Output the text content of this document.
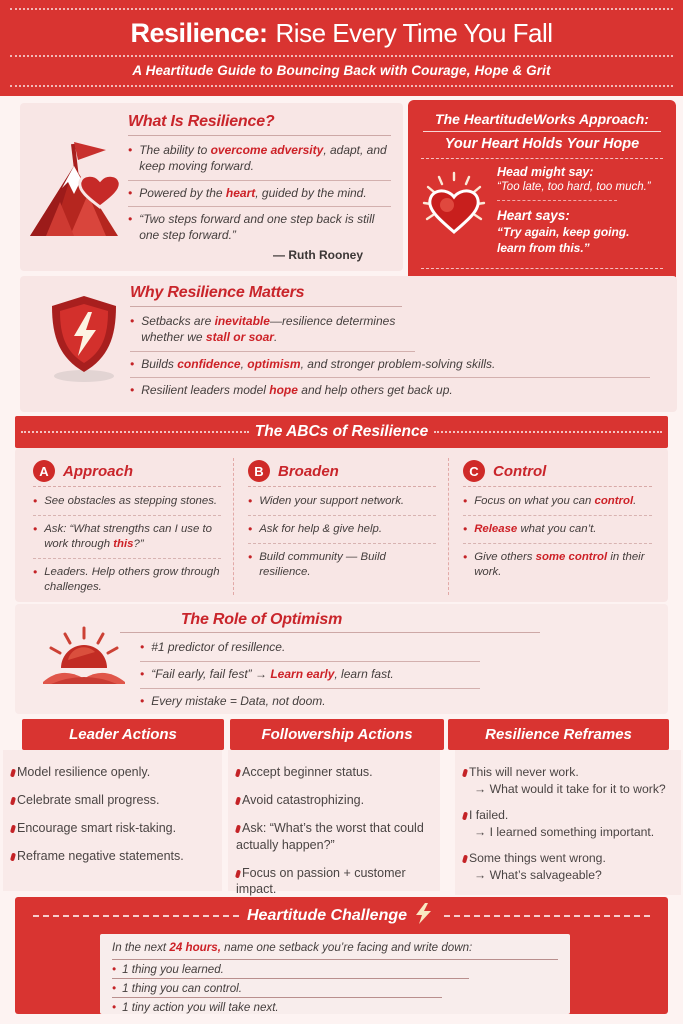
Resilience: Rise Every Time You Fall
A Heartitude Guide to Bouncing Back with Courage, Hope & Grit
What Is Resilience?
• The ability to overcome adversity, adapt, and keep moving forward.
• Powered by the heart, guided by the mind.
• “Two steps forward and one step back is still one step forward.”
— Ruth Rooney
The HeartitudeWorks Approach:
Your Heart Holds Your Hope
Head might say:
“Too late, too hard, too much.”
Heart says:
“Try again, keep going.
learn from this.”
Why Resilience Matters
• Setbacks are inevitable—resilience determines whether we stall or soar.
• Builds confidence, optimism, and stronger problem-solving skills.
• Resilient leaders model hope and help others get back up.
The ABCs of Resilience
A Approach
• See obstacles as stepping stones.
• Ask: “What strengths can I use to work through this?”
• Leaders. Help others grow through challenges.
B Broaden
• Widen your support network.
• Ask for help & give help.
• Build community — Build resilience.
C Control
• Focus on what you can control.
• Release what you can’t.
• Give others some control in their work.
The Role of Optimism
• #1 predictor of resillence.
• “Fail early, fail fest” → Learn early, learn fast.
• Every mistake = Data, not doom.
Leader Actions	Followership Actions	Resilience Reframes
Model resilience openly.
Celebrate small progress.
Encourage smart risk-taking.
Reframe negative statements.
Accept beginner status.
Avoid catastrophizing.
Ask: “What’s the worst that could actually happen?”
Focus on passion + customer impact.
This will never work.
→ What would it take for it to work?
I failed.
→ I learned something important.
Some things went wrong.
→ What’s salvageable?
Heartitude Challenge
In the next 24 hours, name one setback you’re facing and write down:
• 1 thing you learned.
• 1 thing you can control.
• 1 tiny action you will take next.
